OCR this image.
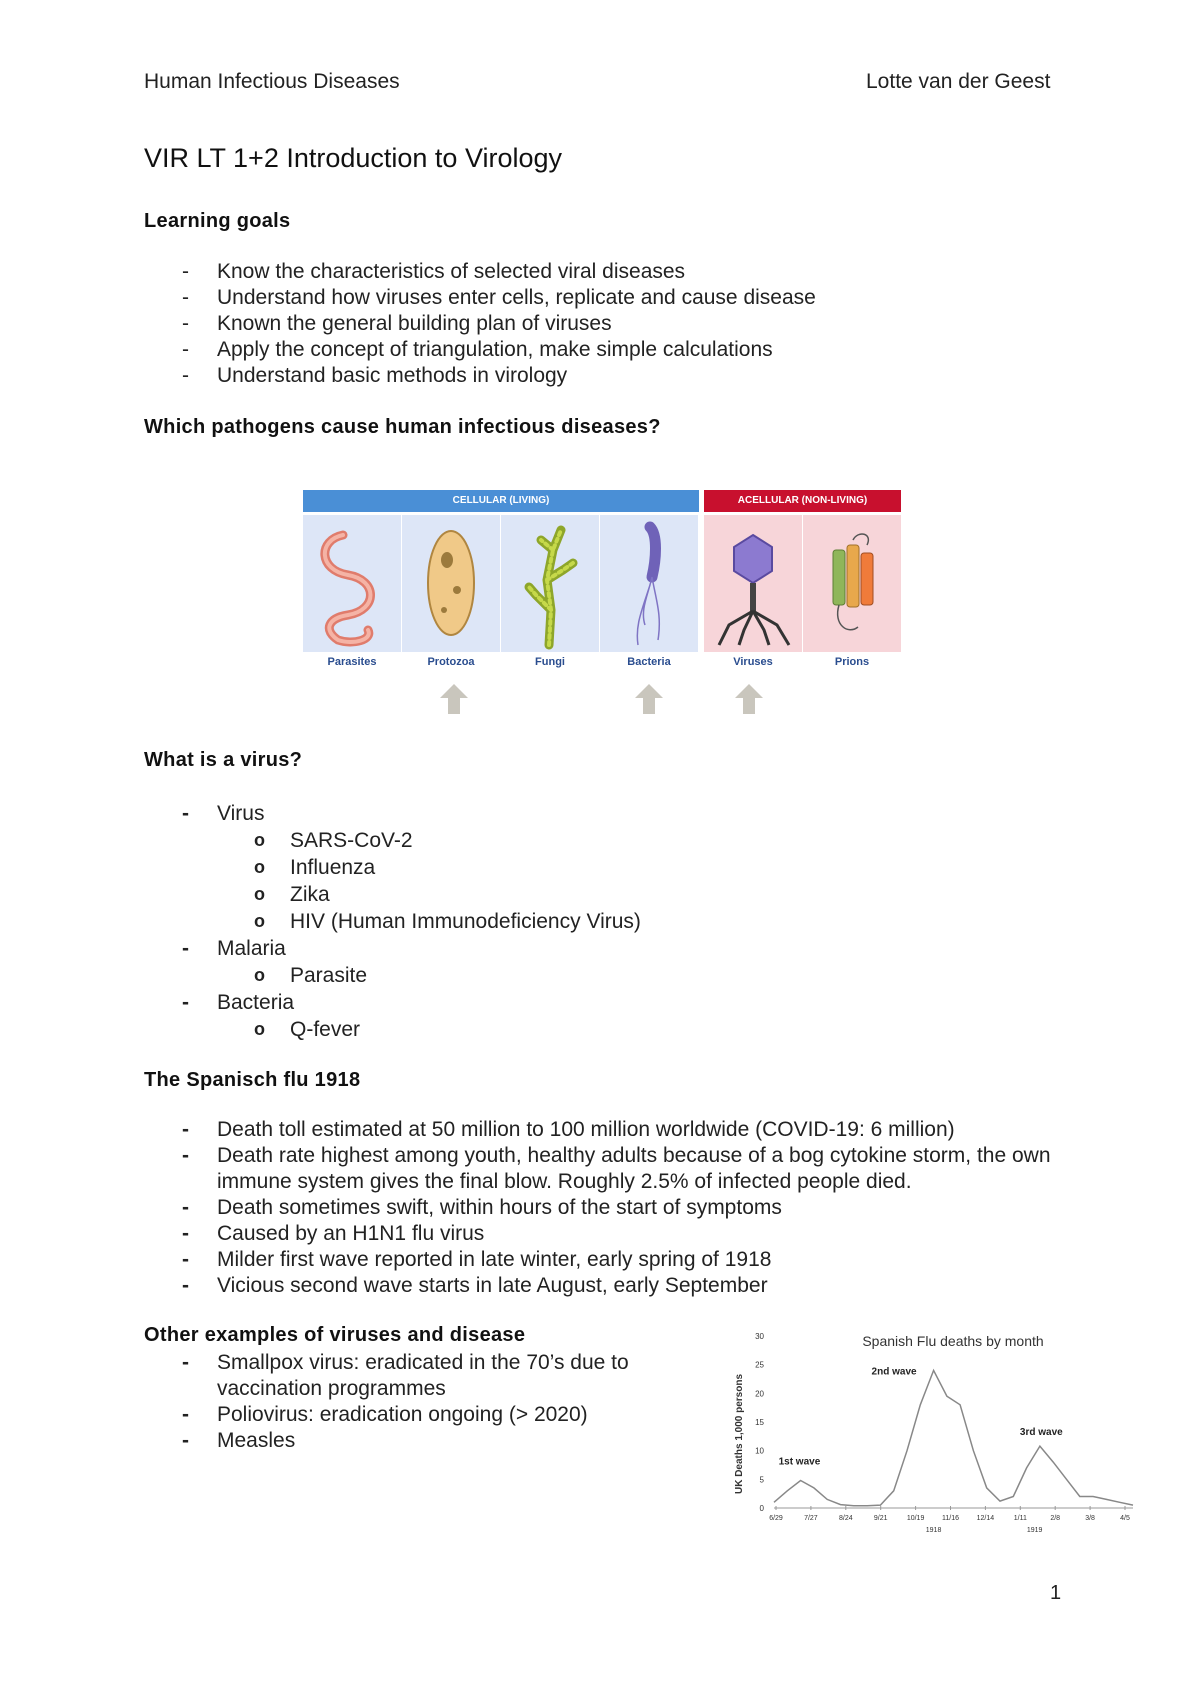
Human Infectious Diseases	Lotte van der Geest
VIR LT 1+2 Introduction to Virology
Learning goals
- Know the characteristics of selected viral diseases
- Understand how viruses enter cells, replicate and cause disease
- Known the general building plan of viruses
- Apply the concept of triangulation, make simple calculations
- Understand basic methods in virology
Which pathogens cause human infectious diseases?
CELLULAR (LIVING)	ACELLULAR (NON-LIVING)
Parasites	Protozoa	Fungi	Bacteria	Viruses	Prions
What is a virus?
- Virus
o SARS-CoV-2
o Influenza
o Zika
o HIV (Human Immunodeficiency Virus)
- Malaria
o Parasite
- Bacteria
o Q-fever
The Spanisch flu 1918
- Death toll estimated at 50 million to 100 million worldwide (COVID-19: 6 million)
- Death rate highest among youth, healthy adults because of a bog cytokine storm, the own immune system gives the final blow. Roughly 2.5% of infected people died.
- Death sometimes swift, within hours of the start of symptoms
- Caused by an H1N1 flu virus
- Milder first wave reported in late winter, early spring of 1918
- Vicious second wave starts in late August, early September
Other examples of viruses and disease
- Smallpox virus: eradicated in the 70’s due to vaccination programmes
- Poliovirus: eradication ongoing (> 2020)
- Measles
Spanish Flu deaths by month
UK Deaths 1,000 persons
0
5
10
15
20
25
30
6/29	7/27	8/24	9/21	10/19	11/16	12/14	1/11	2/8	3/8	4/5
1st wave
2nd wave
3rd wave
1918	1919
1
